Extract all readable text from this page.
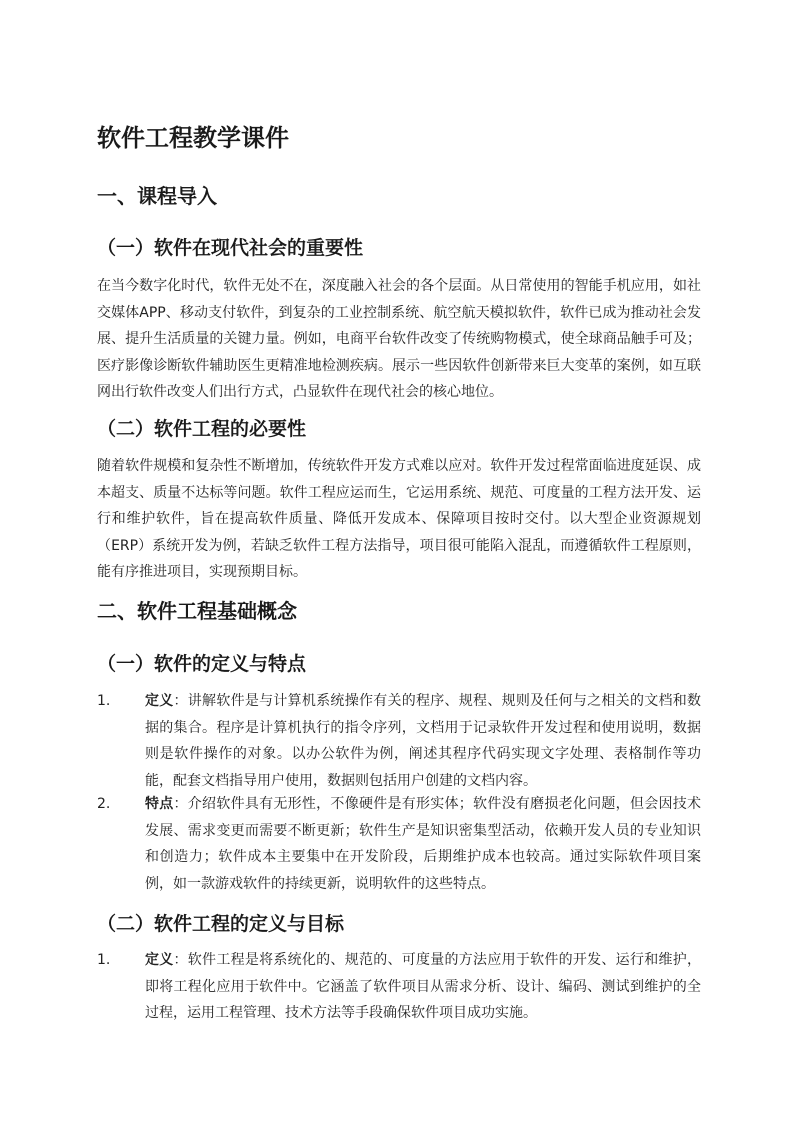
软件工程教学课件
一、课程导入
（一）软件在现代社会的重要性

在当今数字化时代，软件无处不在，深度融入社会的各个层面。从日常使用的智能手机应用，如社交媒体APP、移动支付软件，到复杂的工业控制系统、航空航天模拟软件，软件已成为推动社会发展、提升生活质量的关键力量。例如，电商平台软件改变了传统购物模式，使全球商品触手可及；医疗影像诊断软件辅助医生更精准地检测疾病。展示一些因软件创新带来巨大变革的案例，如互联网出行软件改变人们出行方式，凸显软件在现代社会的核心地位。

（二）软件工程的必要性

随着软件规模和复杂性不断增加，传统软件开发方式难以应对。软件开发过程常面临进度延误、成本超支、质量不达标等问题。软件工程应运而生，它运用系统、规范、可度量的工程方法开发、运行和维护软件，旨在提高软件质量、降低开发成本、保障项目按时交付。以大型企业资源规划（ERP）系统开发为例，若缺乏软件工程方法指导，项目很可能陷入混乱，而遵循软件工程原则，能有序推进项目，实现预期目标。

二、软件工程基础概念
（一）软件的定义与特点
1. 定义：讲解软件是与计算机系统操作有关的程序、规程、规则及任何与之相关的文档和数据的集合。程序是计算机执行的指令序列，文档用于记录软件开发过程和使用说明，数据则是软件操作的对象。以办公软件为例，阐述其程序代码实现文字处理、表格制作等功能，配套文档指导用户使用，数据则包括用户创建的文档内容。

2. 特点：介绍软件具有无形性，不像硬件是有形实体；软件没有磨损老化问题，但会因技术发展、需求变更而需要不断更新；软件生产是知识密集型活动，依赖开发人员的专业知识和创造力；软件成本主要集中在开发阶段，后期维护成本也较高。通过实际软件项目案例，如一款游戏软件的持续更新，说明软件的这些特点。

（二）软件工程的定义与目标
1. 定义：软件工程是将系统化的、规范的、可度量的方法应用于软件的开发、运行和维护，即将工程化应用于软件中。它涵盖了软件项目从需求分析、设计、编码、测试到维护的全过程，运用工程管理、技术方法等手段确保软件项目成功实施。
